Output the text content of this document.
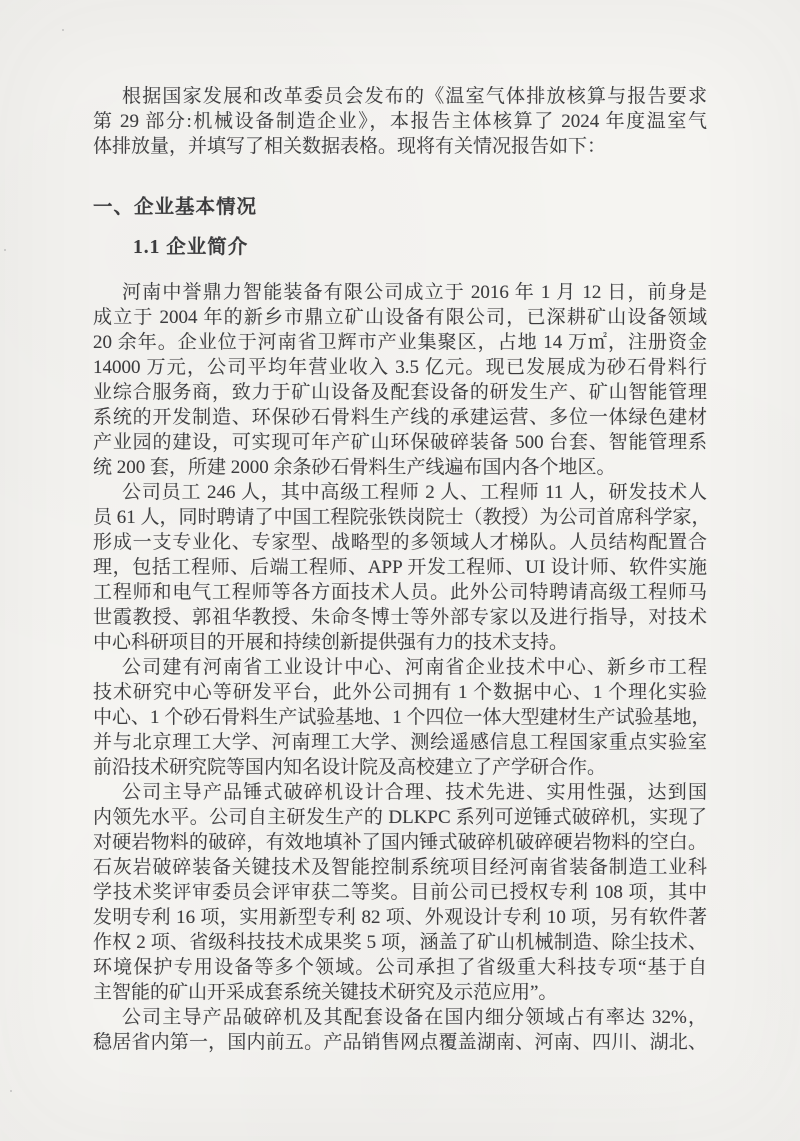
根据国家发展和改革委员会发布的《温室气体排放核算与报告要求
第 29 部分:机械设备制造企业》，本报告主体核算了 2024 年度温室气
体排放量，并填写了相关数据表格。现将有关情况报告如下：
一、企业基本情况
1.1 企业简介
河南中誉鼎力智能装备有限公司成立于 2016 年 1 月 12 日，前身是
成立于 2004 年的新乡市鼎立矿山设备有限公司，已深耕矿山设备领域
20 余年。企业位于河南省卫辉市产业集聚区，占地 14 万㎡，注册资金
14000 万元，公司平均年营业收入 3.5 亿元。现已发展成为砂石骨料行
业综合服务商，致力于矿山设备及配套设备的研发生产、矿山智能管理
系统的开发制造、环保砂石骨料生产线的承建运营、多位一体绿色建材
产业园的建设，可实现可年产矿山环保破碎装备 500 台套、智能管理系
统 200 套，所建 2000 余条砂石骨料生产线遍布国内各个地区。
公司员工 246 人，其中高级工程师 2 人、工程师 11 人，研发技术人
员 61 人，同时聘请了中国工程院张铁岗院士（教授）为公司首席科学家，
形成一支专业化、专家型、战略型的多领域人才梯队。人员结构配置合
理，包括工程师、后端工程师、APP 开发工程师、UI 设计师、软件实施
工程师和电气工程师等各方面技术人员。此外公司特聘请高级工程师马
世霞教授、郭祖华教授、朱命冬博士等外部专家以及进行指导，对技术
中心科研项目的开展和持续创新提供强有力的技术支持。
公司建有河南省工业设计中心、河南省企业技术中心、新乡市工程
技术研究中心等研发平台，此外公司拥有 1 个数据中心、1 个理化实验
中心、1 个砂石骨料生产试验基地、1 个四位一体大型建材生产试验基地，
并与北京理工大学、河南理工大学、测绘遥感信息工程国家重点实验室
前沿技术研究院等国内知名设计院及高校建立了产学研合作。
公司主导产品锤式破碎机设计合理、技术先进、实用性强，达到国
内领先水平。公司自主研发生产的 DLKPC 系列可逆锤式破碎机，实现了
对硬岩物料的破碎，有效地填补了国内锤式破碎机破碎硬岩物料的空白。
石灰岩破碎装备关键技术及智能控制系统项目经河南省装备制造工业科
学技术奖评审委员会评审获二等奖。目前公司已授权专利 108 项，其中
发明专利 16 项，实用新型专利 82 项、外观设计专利 10 项，另有软件著
作权 2 项、省级科技技术成果奖 5 项，涵盖了矿山机械制造、除尘技术、
环境保护专用设备等多个领域。公司承担了省级重大科技专项“基于自
主智能的矿山开采成套系统关键技术研究及示范应用”。
公司主导产品破碎机及其配套设备在国内细分领域占有率达 32%，
稳居省内第一，国内前五。产品销售网点覆盖湖南、河南、四川、湖北、
